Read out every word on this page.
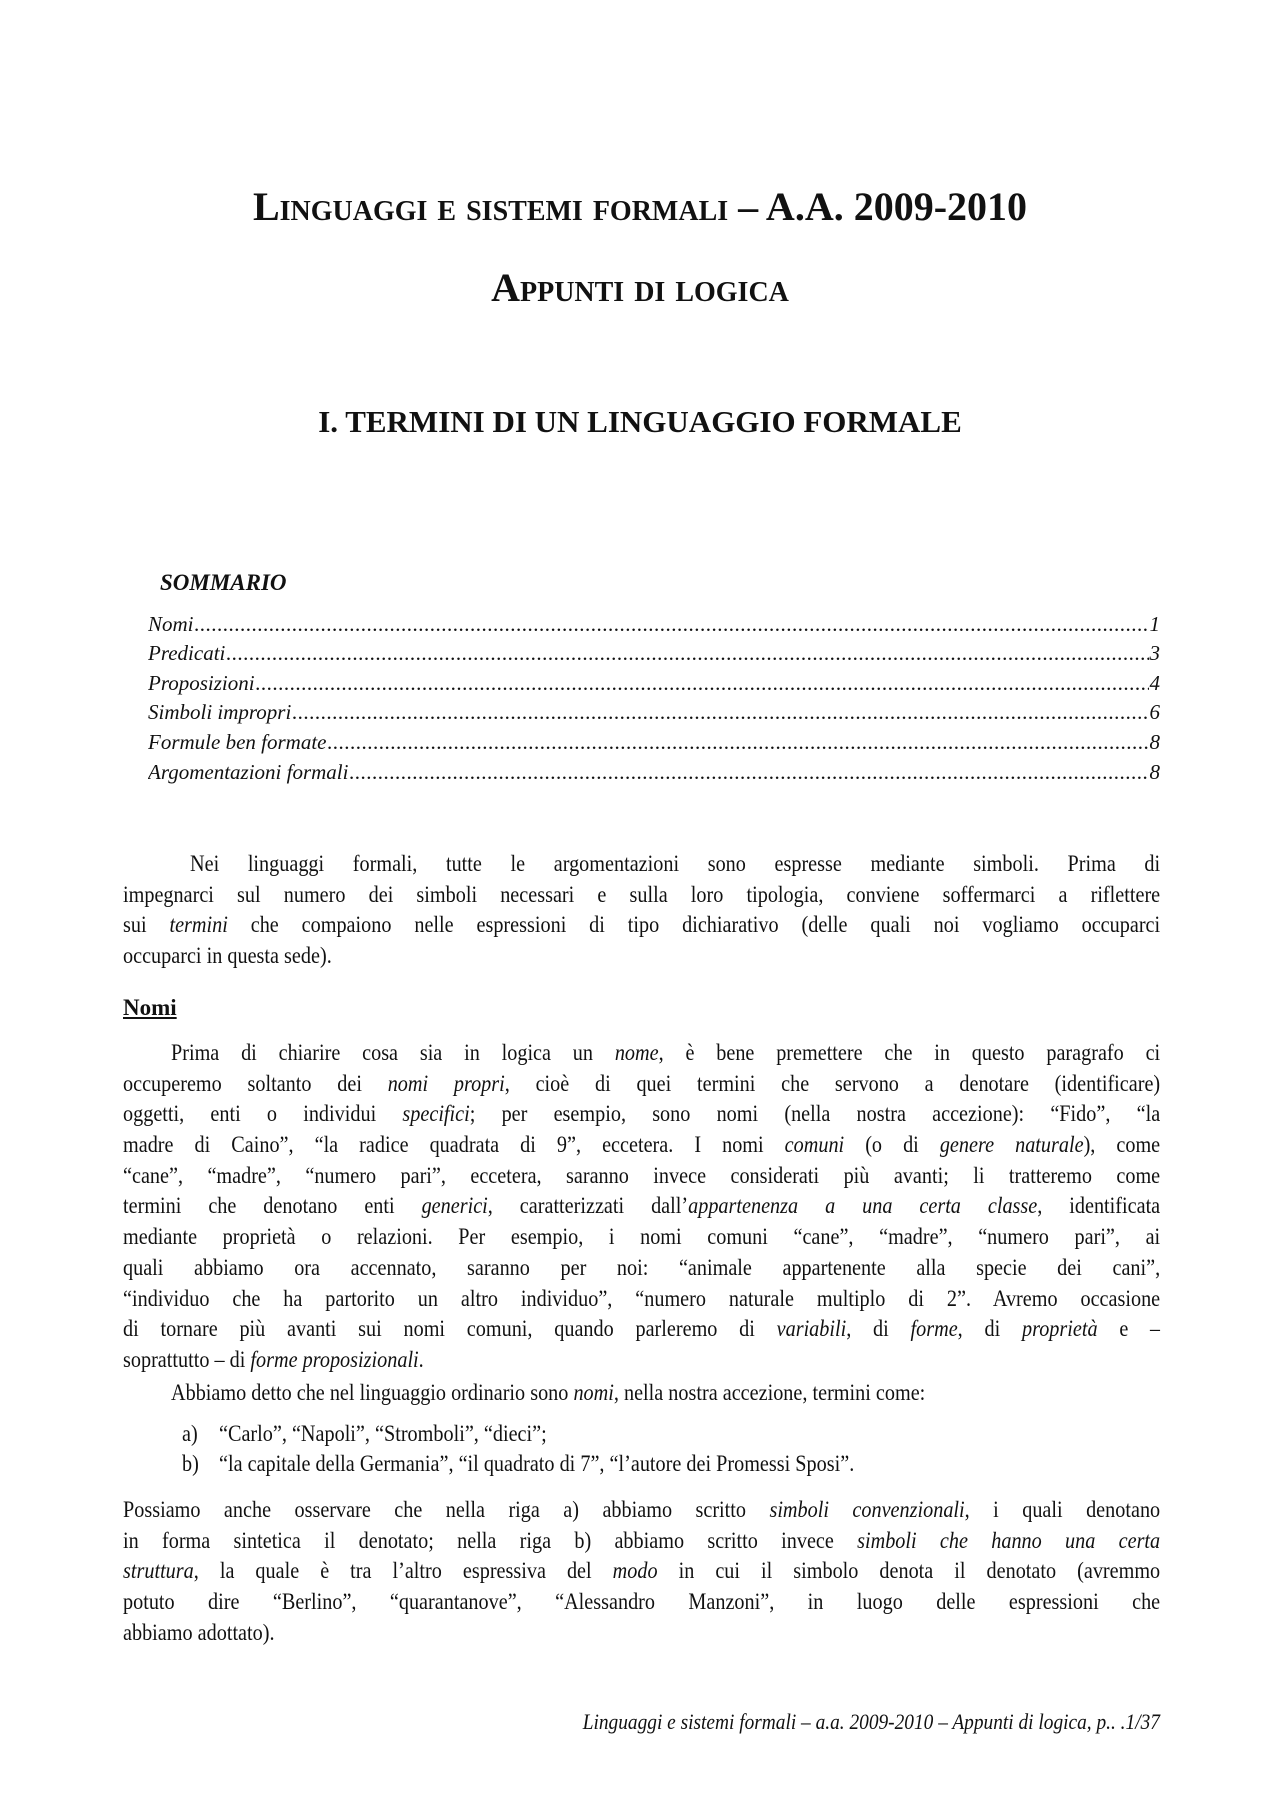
Linguaggi e sistemi formali – A.A. 2009-2010
Appunti di logica
I. TERMINI DI UN LINGUAGGIO FORMALE
SOMMARIO
Nomi .....	1
Predicati .....	3
Proposizioni .....	4
Simboli impropri .....	6
Formule ben formate .....	8
Argomentazioni formali .....	8
Nei linguaggi formali, tutte le argomentazioni sono espresse mediante simboli. Prima di
impegnarci sul numero dei simboli necessari e sulla loro tipologia, conviene soffermarci a riflettere
sui termini che compaiono nelle espressioni di tipo dichiarativo (delle quali noi vogliamo occuparci
occuparci in questa sede).
Nomi
Prima di chiarire cosa sia in logica un nome, è bene premettere che in questo paragrafo ci
occuperemo soltanto dei nomi propri, cioè di quei termini che servono a denotare (identificare)
oggetti, enti o individui specifici; per esempio, sono nomi (nella nostra accezione): “Fido”, “la
madre di Caino”, “la radice quadrata di 9”, eccetera. I nomi comuni (o di genere naturale), come
“cane”, “madre”, “numero pari”, eccetera, saranno invece considerati più avanti; li tratteremo come
termini che denotano enti generici, caratterizzati dall’appartenenza a una certa classe, identificata
mediante proprietà o relazioni. Per esempio, i nomi comuni “cane”, “madre”, “numero pari”, ai
quali abbiamo ora accennato, saranno per noi: “animale appartenente alla specie dei cani”,
“individuo che ha partorito un altro individuo”, “numero naturale multiplo di 2”. Avremo occasione
di tornare più avanti sui nomi comuni, quando parleremo di variabili, di forme, di proprietà e –
soprattutto – di forme proposizionali.
Abbiamo detto che nel linguaggio ordinario sono nomi, nella nostra accezione, termini come:
a) “Carlo”, “Napoli”, “Stromboli”, “dieci”;
b) “la capitale della Germania”, “il quadrato di 7”, “l’autore dei Promessi Sposi”.
Possiamo anche osservare che nella riga a) abbiamo scritto simboli convenzionali, i quali denotano
in forma sintetica il denotato; nella riga b) abbiamo scritto invece simboli che hanno una certa
struttura, la quale è tra l’altro espressiva del modo in cui il simbolo denota il denotato (avremmo
potuto dire “Berlino”, “quarantanove”, “Alessandro Manzoni”, in luogo delle espressioni che
abbiamo adottato).
Linguaggi e sistemi formali – a.a. 2009-2010 – Appunti di logica, p.. .1/37
